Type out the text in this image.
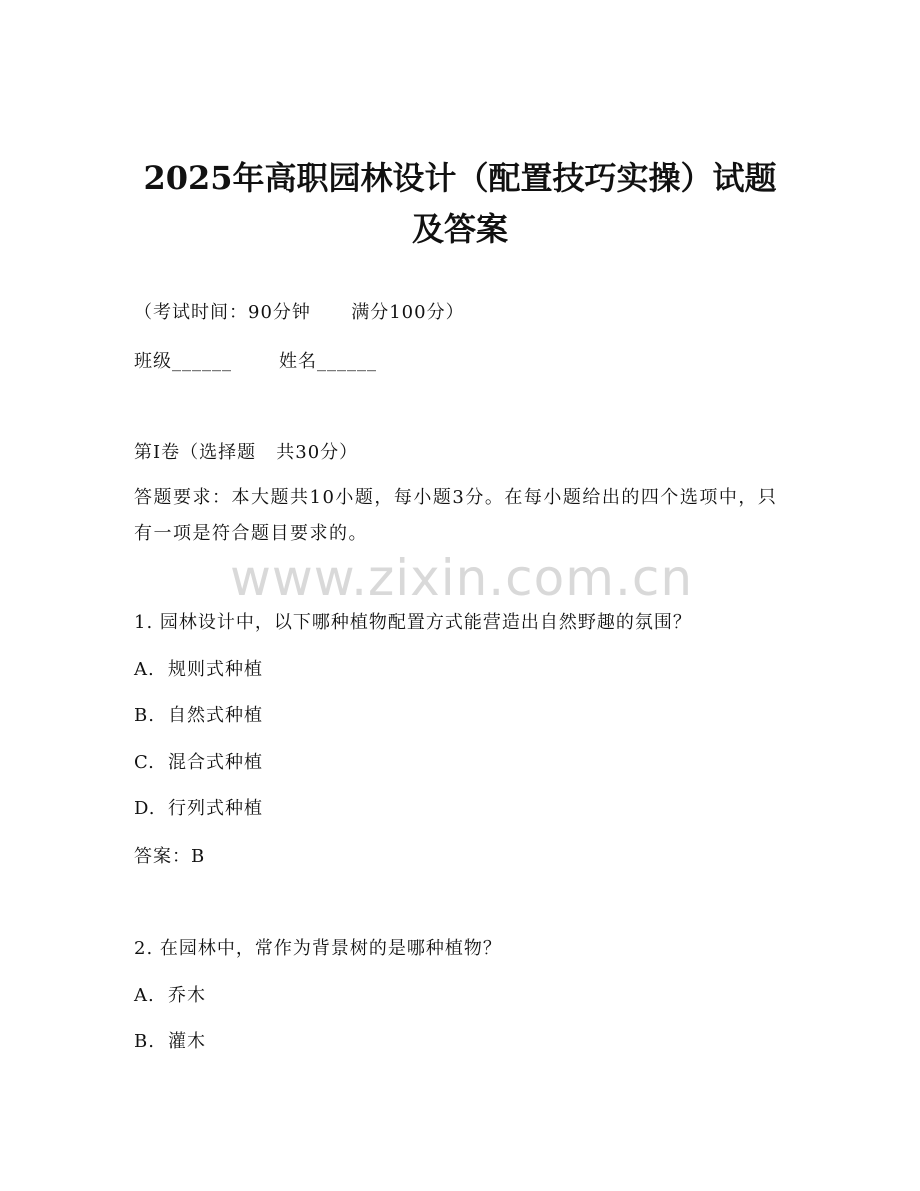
2025年高职园林设计（配置技巧实操）试题
及答案

（考试时间：90分钟      满分100分）

班级______       姓名______

第I卷（选择题   共30分）

答题要求：本大题共10小题，每小题3分。在每小题给出的四个选项中，只有一项是符合题目要求的。

www.zixin.com.cn

1. 园林设计中，以下哪种植物配置方式能营造出自然野趣的氛围？

A. 规则式种植
B. 自然式种植
C. 混合式种植
D. 行列式种植

答案：B

2. 在园林中，常作为背景树的是哪种植物？

A. 乔木
B. 灌木
